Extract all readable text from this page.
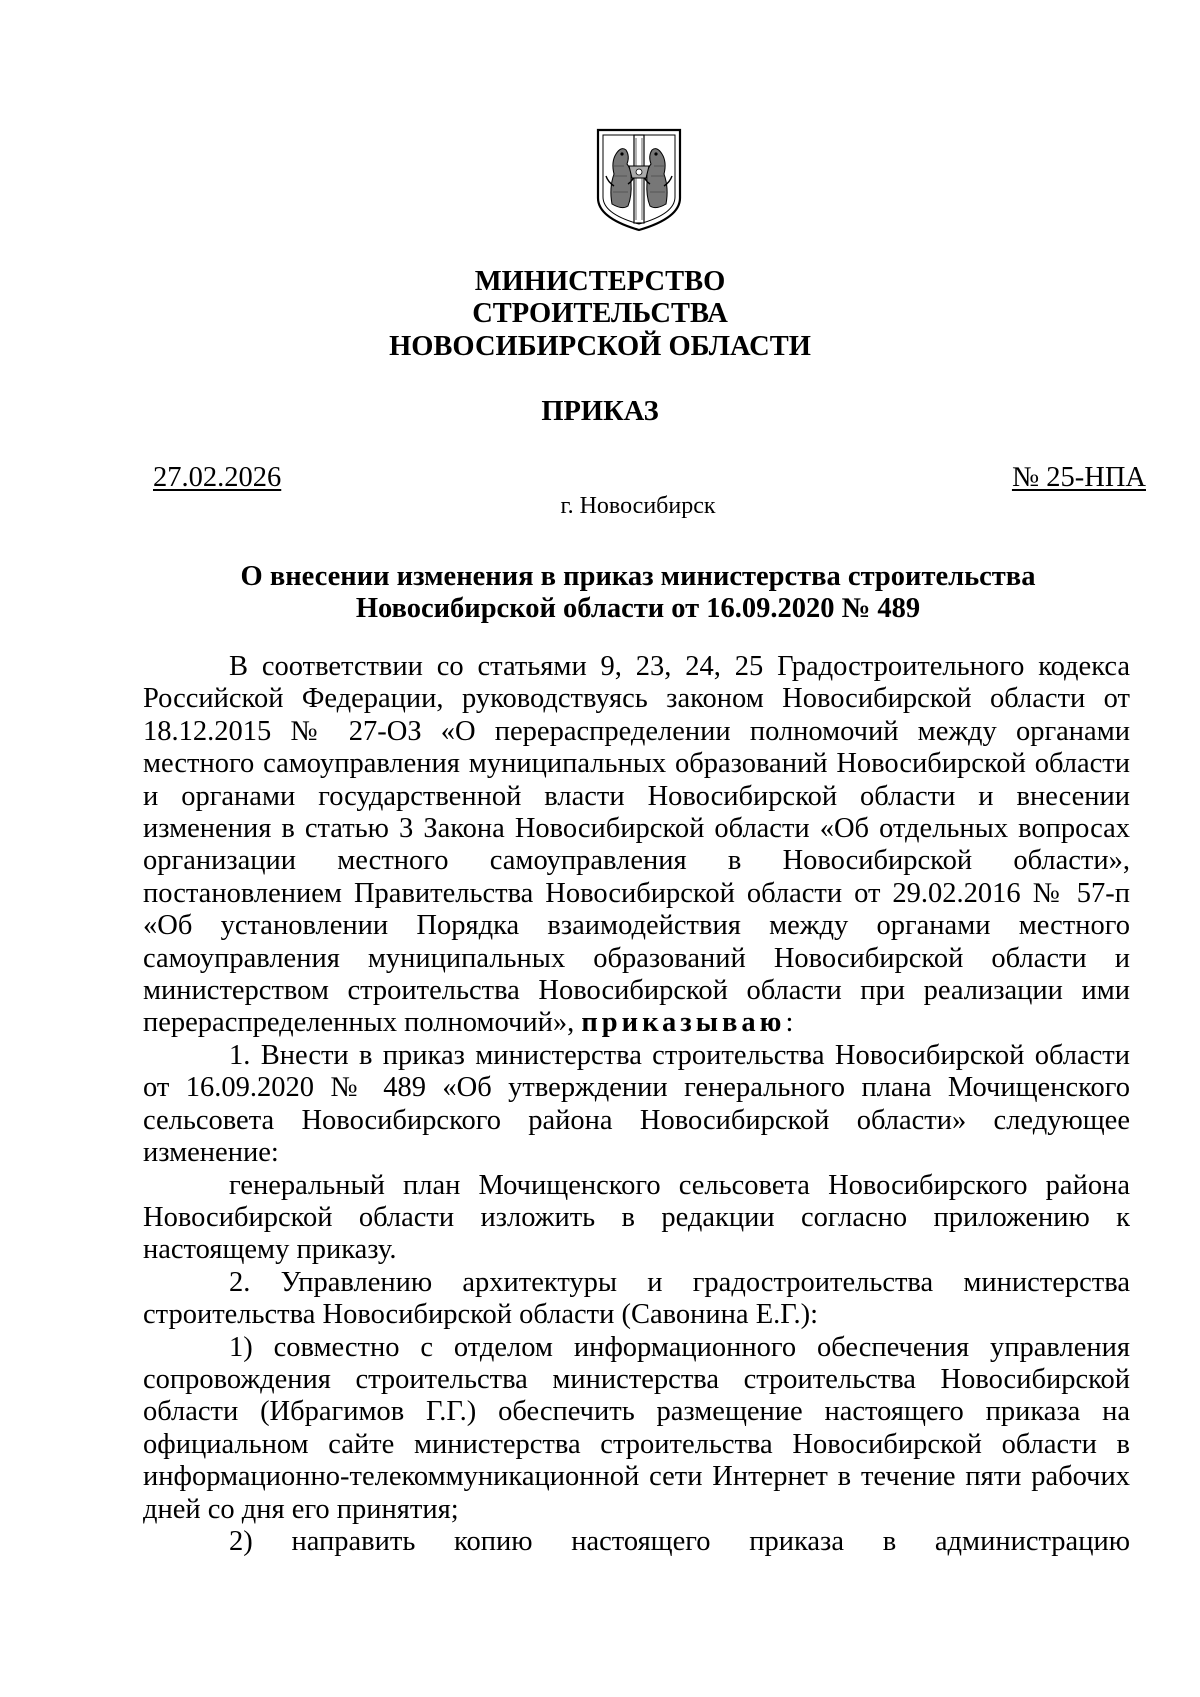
МИНИСТЕРСТВО
СТРОИТЕЛЬСТВА
НОВОСИБИРСКОЙ ОБЛАСТИ
ПРИКАЗ
27.02.2026	№ 25-НПА
г. Новосибирск
О внесении изменения в приказ министерства строительства
Новосибирской области от 16.09.2020 № 489

В соответствии со статьями 9, 23, 24, 25 Градостроительного кодекса Российской Федерации, руководствуясь законом Новосибирской области от 18.12.2015 № 27-ОЗ «О перераспределении полномочий между органами местного самоуправления муниципальных образований Новосибирской области и органами государственной власти Новосибирской области и внесении изменения в статью 3 Закона Новосибирской области «Об отдельных вопросах организации местного самоуправления в Новосибирской области», постановлением Правительства Новосибирской области от 29.02.2016 № 57-п «Об установлении Порядка взаимодействия между органами местного самоуправления муниципальных образований Новосибирской области и министерством строительства Новосибирской области при реализации ими перераспределенных полномочий», приказываю:

1. Внести в приказ министерства строительства Новосибирской области от 16.09.2020 № 489 «Об утверждении генерального плана Мочищенского сельсовета Новосибирского района Новосибирской области» следующее изменение:

генеральный план Мочищенского сельсовета Новосибирского района Новосибирской области изложить в редакции согласно приложению к настоящему приказу.

2. Управлению архитектуры и градостроительства министерства строительства Новосибирской области (Савонина Е.Г.):

1) совместно с отделом информационного обеспечения управления сопровождения строительства министерства строительства Новосибирской области (Ибрагимов Г.Г.) обеспечить размещение настоящего приказа на официальном сайте министерства строительства Новосибирской области в информационно-телекоммуникационной сети Интернет в течение пяти рабочих дней со дня его принятия;

2) направить копию настоящего приказа в администрацию
